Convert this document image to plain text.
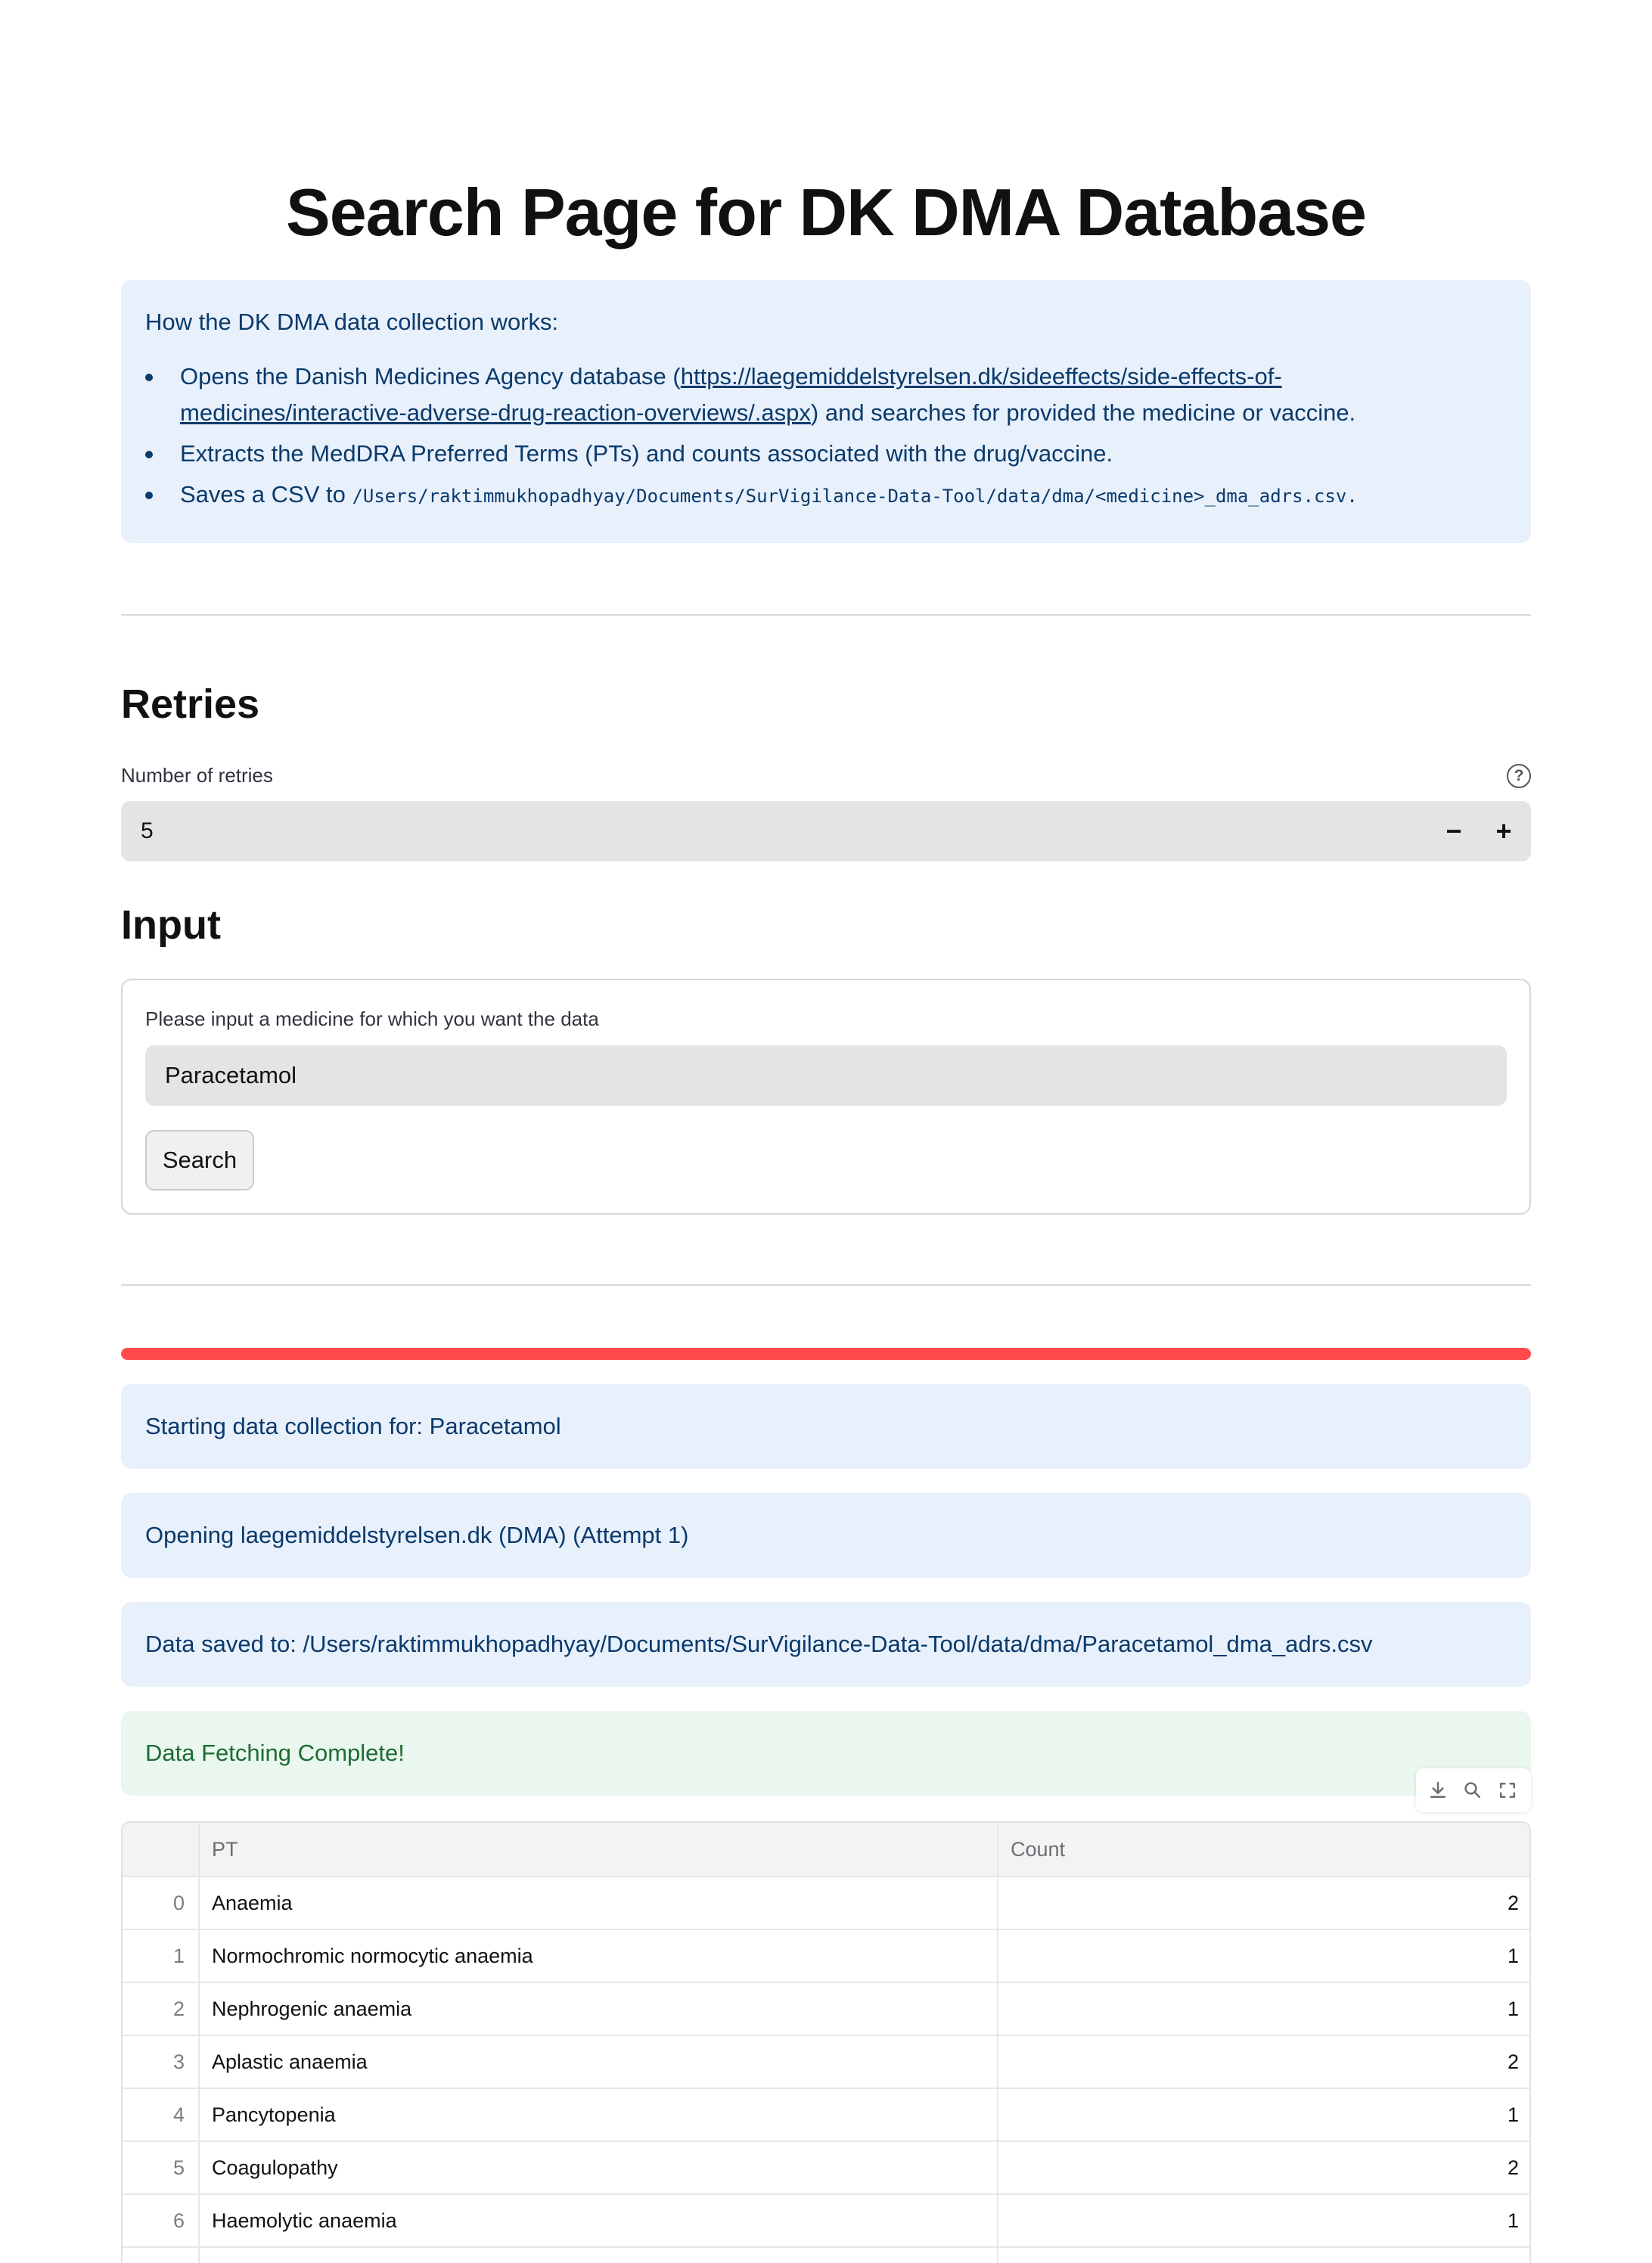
Search Page for DK DMA Database
How the DK DMA data collection works:
Opens the Danish Medicines Agency database (https://laegemiddelstyrelsen.dk/sideeffects/side-effects-of-medicines/interactive-adverse-drug-reaction-overviews/.aspx) and searches for provided the medicine or vaccine.
Extracts the MedDRA Preferred Terms (PTs) and counts associated with the drug/vaccine.
Saves a CSV to /Users/raktimmukhopadhyay/Documents/SurVigilance-Data-Tool/data/dma/<medicine>_dma_adrs.csv.
Retries
Number of retries	?
5	−	+
Input
Please input a medicine for which you want the data
Paracetamol
Search
Starting data collection for: Paracetamol
Opening laegemiddelstyrelsen.dk (DMA) (Attempt 1)
Data saved to: /Users/raktimmukhopadhyay/Documents/SurVigilance-Data-Tool/data/dma/Paracetamol_dma_adrs.csv
Data Fetching Complete!
PT	Count
0	Anaemia	2
1	Normochromic normocytic anaemia	1
2	Nephrogenic anaemia	1
3	Aplastic anaemia	2
4	Pancytopenia	1
5	Coagulopathy	2
6	Haemolytic anaemia	1
